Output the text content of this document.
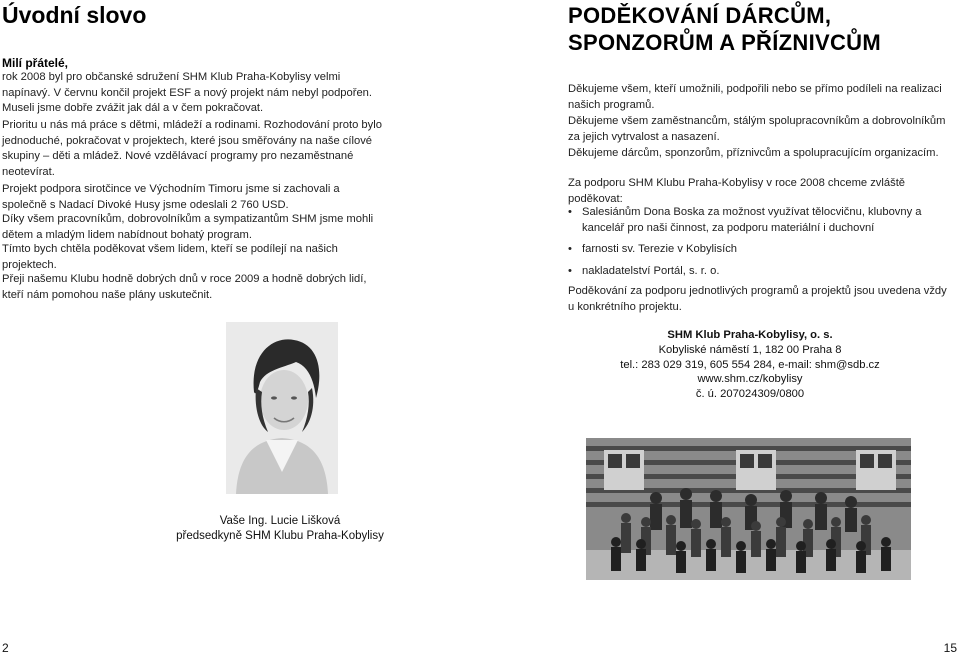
Úvodní slovo

Milí přátelé,

rok 2008 byl pro občanské sdružení SHM Klub Praha-Kobylisy velmi napínavý. V červnu končil projekt ESF a nový projekt nám nebyl podpořen. Museli jsme dobře zvážit jak dál a v čem pokračovat.

Prioritu u nás má práce s dětmi, mládeží a rodinami. Rozhodování proto bylo jednoduché, pokračovat v projektech, které jsou směřovány na naše cílové skupiny – děti a mládež. Nové vzdělávací programy pro nezaměstnané neotevírat.

Projekt podpora sirotčince ve Východním Timoru jsme si zachovali a společně s Nadací Divoké Husy jsme odeslali 2 760 USD.

Díky všem pracovníkům, dobrovolníkům a sympatizantům SHM jsme mohli dětem a mladým lidem nabídnout bohatý program.

Tímto bych chtěla poděkovat všem lidem, kteří se podílejí na našich projektech.

Přeji našemu Klubu hodně dobrých dnů v roce 2009 a hodně dobrých lidí, kteří nám pomohou naše plány uskutečnit.

Vaše Ing. Lucie Lišková

předsedkyně SHM Klubu Praha-Kobylisy

2

PODĚKOVÁNÍ DÁRCŮM, SPONZORŮM A PŘÍZNIVCŮM

Děkujeme všem, kteří umožnili, podpořili nebo se přímo podíleli na realizaci našich programů.

Děkujeme všem zaměstnancům, stálým spolupracovníkům a dobrovolníkům za jejich vytrvalost a nasazení.

Děkujeme dárcům, sponzorům, příznivcům a spolupracujícím organizacím.

Za podporu SHM Klubu Praha-Kobylisy v roce 2008 chceme zvláště poděkovat:

• Salesiánům Dona Boska za možnost využívat tělocvičnu, klubovny a kancelář pro naši činnost, za podporu materiální i duchovní
• farnosti sv. Terezie v Kobylisích
• nakladatelství Portál, s. r. o.

Poděkování za podporu jednotlivých programů a projektů jsou uvedena vždy u konkrétního projektu.

SHM Klub Praha-Kobylisy, o. s.
Kobyliské náměstí 1, 182 00 Praha 8
tel.: 283 029 319, 605 554 284, e-mail: shm@sdb.cz
www.shm.cz/kobylisy
č. ú. 207024309/0800

15
